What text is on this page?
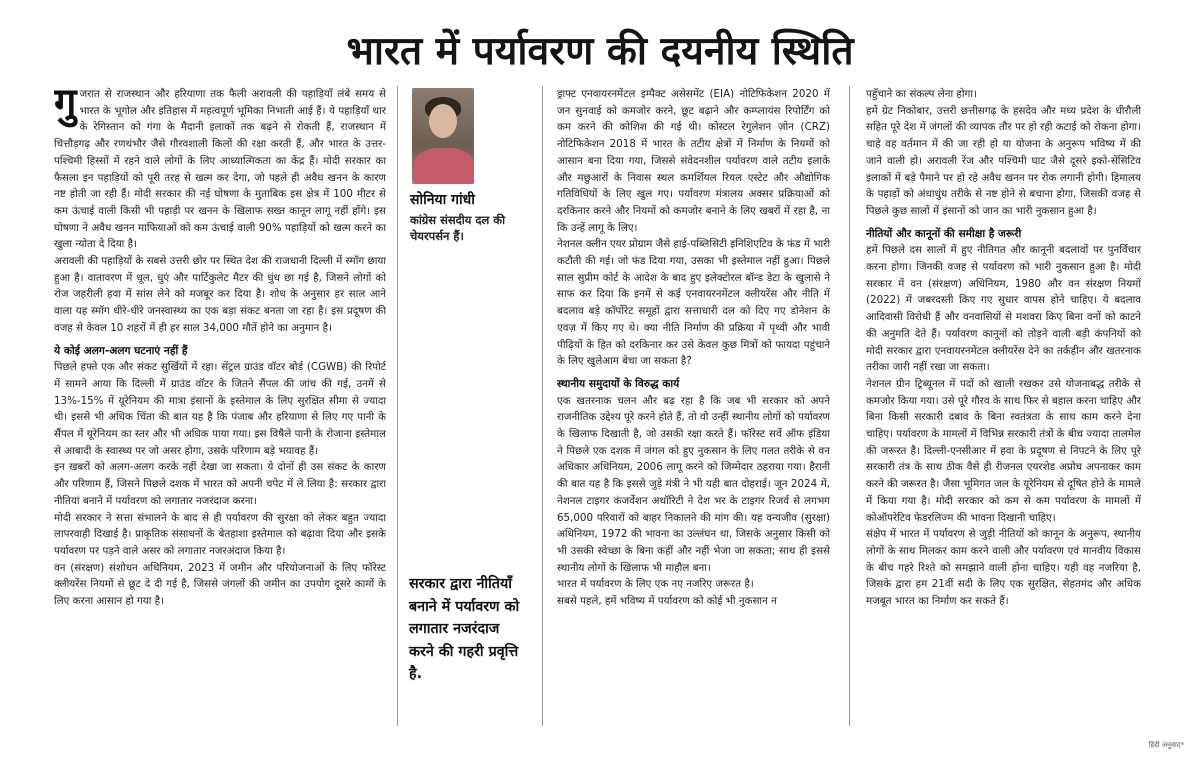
भारत में पर्यावरण की दयनीय स्थिति

गुजरात से राजस्थान और हरियाणा तक फैली अरावली की पहाड़ियाँ लंबे समय से भारत के भूगोल और इतिहास में महत्वपूर्ण भूमिका निभाती आई हैं। ये पहाड़ियाँ थार के रेगिस्तान को गंगा के मैदानी इलाकों तक बढ़ने से रोकती हैं, राजस्थान में चित्तौड़गढ़ और रणथंभौर जैसे गौरवशाली किलों की रक्षा करती हैं, और भारत के उत्तर-पश्चिमी हिस्सों में रहने वाले लोगों के लिए आध्यात्मिकता का केंद्र हैं। मोदी सरकार का फैसला इन पहाड़ियों को पूरी तरह से खत्म कर देगा, जो पहले ही अवैध खनन के कारण नष्ट होती जा रही हैं। मोदी सरकार की नई घोषणा के मुताबिक इस क्षेत्र में 100 मीटर से कम ऊंचाई वाली किसी भी पहाड़ी पर खनन के खिलाफ सख्त कानून लागू नहीं होंगे। इस घोषणा ने अवैध खनन माफियाओं को कम ऊंचाई वाली 90% पहाड़ियों को खत्म करने का खुला न्योता दे दिया है।

अरावली की पहाड़ियों के सबसे उत्तरी छोर पर स्थित देश की राजधानी दिल्ली में स्मॉग छाया हुआ है। वातावरण में धूल, धुएं और पार्टिकुलेट मैटर की धुंध छा गई है, जिसने लोगों को रोज जहरीली हवा में सांस लेने को मजबूर कर दिया है। शोध के अनुसार हर साल आने वाला यह स्मॉग धीरे-धीरे जनस्वास्थ्य का एक बड़ा संकट बनता जा रहा है। इस प्रदूषण की वजह से केवल 10 शहरों में ही हर साल 34,000 मौतें होने का अनुमान है।

ये कोई अलग-अलग घटनाएं नहीं हैं

पिछले हफ्ते एक और संकट सुर्खियों में रहा। सेंट्रल ग्राउंड वॉटर बोर्ड (CGWB) की रिपोर्ट में सामने आया कि दिल्ली में ग्राउंड वॉटर के जितने सैंपल की जांच की गई, उनमें से 13%-15% में यूरेनियम की मात्रा इंसानों के इस्तेमाल के लिए सुरक्षित सीमा से ज्यादा थी। इससे भी अधिक चिंता की बात यह है कि पंजाब और हरियाणा से लिए गए पानी के सैंपल में यूरेनियम का स्तर और भी अधिक पाया गया। इस विषैले पानी के रोजाना इस्तेमाल से आबादी के स्वास्थ्य पर जो असर होगा, उसके परिणाम बड़े भयावह हैं।

इन खबरों को अलग-अलग करके नहीं देखा जा सकता। ये दोनों ही उस संकट के कारण और परिणाम हैं, जिसने पिछले दशक में भारत को अपनी चपेट में ले लिया है: सरकार द्वारा नीतियां बनाने में पर्यावरण को लगातार नजरंदाज करना।

मोदी सरकार ने सत्ता संभालने के बाद से ही पर्यावरण की सुरक्षा को लेकर बहुत ज्यादा लापरवाही दिखाई है। प्राकृतिक संसाधनों के बेतहाशा इस्तेमाल को बढ़ावा दिया और इसके पर्यावरण पर पड़ने वाले असर को लगातार नजरअंदाज किया है।

वन (संरक्षण) संशोधन अधिनियम, 2023 में जमीन और परियोजनाओं के लिए फॉरेस्ट क्लीयरेंस नियमों से छूट दे दी गई है, जिससे जंगलों की जमीन का उपयोग दूसरे कामों के लिए करना आसान हो गया है।

सोनिया गांधी
कांग्रेस संसदीय दल की चेयरपर्सन हैं।
सरकार द्वारा नीतियाँ बनाने में पर्यावरण को लगातार नजरंदाज करने की गहरी प्रवृत्ति है.

ड्राफ्ट एनवायरनमेंटल इम्पैक्ट असेसमेंट (EIA) नोटिफिकेशन 2020 में जन सुनवाई को कमजोर करने, छूट बढ़ाने और कम्प्लायंस रिपोर्टिंग को कम करने की कोशिश की गई थी। कोस्टल रेगुलेशन ज़ोन (CRZ) नोटिफिकेशन 2018 में भारत के तटीय क्षेत्रों में निर्माण के नियमों को आसान बना दिया गया, जिससे संवेदनशील पर्यावरण वाले तटीय इलाके और मछुआरों के निवास स्थल कमर्शियल रियल एस्टेट और औद्योगिक गतिविधियों के लिए खुल गए। पर्यावरण मंत्रालय अक्सर प्रक्रियाओं को दरकिनार करने और नियमों को कमजोर बनाने के लिए खबरों में रहा है, ना कि उन्हें लागू के लिए।

नेशनल क्लीन एयर प्रोग्राम जैसे हाई-पब्लिसिटी इनिशिएटिव के फंड में भारी कटौती की गई। जो फंड दिया गया, उसका भी इस्तेमाल नहीं हुआ। पिछले साल सुप्रीम कोर्ट के आदेश के बाद हुए इलेक्टोरल बॉन्ड डेटा के खुलासे ने साफ कर दिया कि इनमें से कई एनवायरनमेंटल क्लीयरेंस और नीति में बदलाव बड़े कॉर्पोरेट समूहों द्वारा सत्ताधारी दल को दिए गए डोनेशन के एवज़ में किए गए थे। क्या नीति निर्माण की प्रक्रिया में पृथ्वी और भावी पीढ़ियों के हित को दरकिनार कर उसे केवल कुछ मित्रों को फायदा पहुंचाने के लिए खुलेआम बेचा जा सकता है?

स्थानीय समुदायों के विरुद्ध कार्य

एक खतरनाक चलन और बढ़ रहा है कि जब भी सरकार को अपने राजनीतिक उद्देश्य पूरे करने होते हैं, तो वो उन्हीं स्थानीय लोगों को पर्यावरण के खिलाफ दिखाती है, जो उसकी रक्षा करते हैं। फॉरेस्ट सर्वे ऑफ इंडिया ने पिछले एक दशक में जंगल को हुए नुकसान के लिए गलत तरीके से वन अधिकार अधिनियम, 2006 लागू करने को जिम्मेदार ठहराया गया। हैरानी की बात यह है कि इससे जुड़े मंत्री ने भी यही बात दोहराई। जून 2024 में, नेशनल टाइगर कंजर्वेशन अथॉरिटी ने देश भर के टाइगर रिजर्व से लगभग 65,000 परिवारों को बाहर निकालने की मांग की। यह वन्यजीव (सुरक्षा) अधिनियम, 1972 की भावना का उल्लंघन था, जिसके अनुसार किसी को भी उसकी स्वेच्छा के बिना कहीं और नहीं भेजा जा सकता; साथ ही इससे स्थानीय लोगों के खिलाफ भी माहौल बना।

भारत में पर्यावरण के लिए एक नए नजरिए जरूरत है।

सबसे पहले, हमें भविष्य में पर्यावरण को कोई भी नुकसान न

पहुँचाने का संकल्प लेना होगा।

हमें ग्रेट निकोबार, उत्तरी छत्तीसगढ़ के हसदेव और मध्य प्रदेश के धीरौली सहित पूरे देश में जंगलों की व्यापक तौर पर हो रही कटाई को रोकना होगा। चाहे वह वर्तमान में की जा रही हो या योजना के अनुरूप भविष्य में की जाने वाली हो। अरावली रेंज और पश्चिमी घाट जैसे दूसरे इको-सेंसिटिव इलाकों में बड़े पैमाने पर हो रहे अवैध खनन पर रोक लगानी होगी। हिमालय के पहाड़ों को अंधाधुंध तरीके से नष्ट होने से बचाना होगा, जिसकी वजह से पिछले कुछ सालों में इंसानों को जान का भारी नुकसान हुआ है।

नीतियों और कानूनों की समीक्षा है जरूरी

हमें पिछले दस सालों में हुए नीतिगत और कानूनी बदलावों पर पुनर्विचार करना होगा। जिनकी वजह से पर्यावरण को भारी नुकसान हुआ है। मोदी सरकार में वन (संरक्षण) अधिनियम, 1980 और वन संरक्षण नियमों (2022) में जबरदस्ती किए गए सुधार वापस होने चाहिए। ये बदलाव आदिवासी विरोधी हैं और वनवासियों से मशवरा किए बिना वनों को काटने की अनुमति देते हैं। पर्यावरण कानूनों को तोड़ने वाली बड़ी कंपनियों को मोदी सरकार द्वारा एनवायरनमेंटल क्लीयरेंस देने का तर्कहीन और खतरनाक तरीका जारी नहीं रखा जा सकता।

नेशनल ग्रीन ट्रिब्यूनल में पदों को खाली रखकर उसे योजनाबद्ध तरीके से कमजोर किया गया। उसे पूरे गौरव के साथ फिर से बहाल करना चाहिए और बिना किसी सरकारी दबाव के बिना स्वतंत्रता के साथ काम करने देना चाहिए। पर्यावरण के मामलों में विभिन्न सरकारी तंत्रों के बीच ज्यादा तालमेल की जरूरत है। दिल्ली-एनसीआर में हवा के प्रदूषण से निपटने के लिए पूरे सरकारी तंत्र के साथ ठीक वैसे ही रीजनल एयरशेड अप्रोच अपनाकर काम करने की जरूरत है। जैसा भूमिगत जल के यूरेनियम से दूषित होने के मामले में किया गया है। मोदी सरकार को कम से कम पर्यावरण के मामलों में कोऑपरेटिव फेडरलिज्म की भावना दिखानी चाहिए।

संक्षेप में भारत में पर्यावरण से जुड़ी नीतियों को कानून के अनुरूप, स्थानीय लोगों के साथ मिलकर काम करने वाली और पर्यावरण एवं मानवीय विकास के बीच गहरे रिश्ते को समझाने वाली होना चाहिए। यही वह नजरिया है, जिसके द्वारा हम 21वीं सदी के लिए एक सुरक्षित, सेहतमंद और अधिक मजबूत भारत का निर्माण कर सकते हैं।

हिंदी अनुवाद*
